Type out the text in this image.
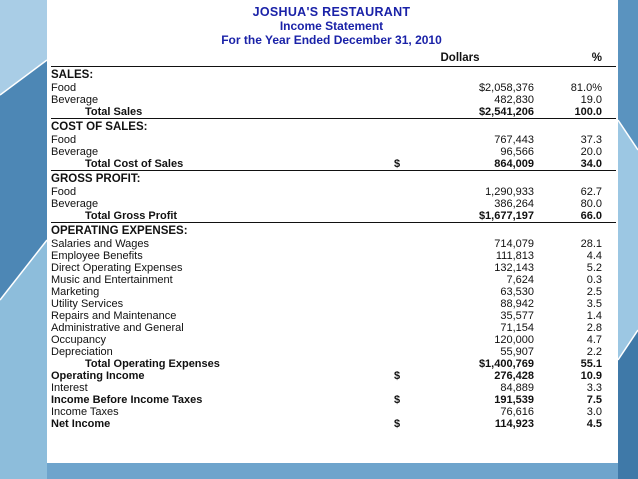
JOSHUA'S RESTAURANT
Income Statement
For the Year Ended December 31, 2010
	Dollars	%
SALES:		
Food	$2,058,376	81.0%
Beverage	482,830	19.0
Total Sales	$2,541,206	100.0
COST OF SALES:		
Food	767,443	37.3
Beverage	96,566	20.0
Total Cost of Sales	$ 864,009	34.0
GROSS PROFIT:		
Food	1,290,933	62.7
Beverage	386,264	80.0
Total Gross Profit	$1,677,197	66.0
OPERATING EXPENSES:		
Salaries and Wages	714,079	28.1
Employee Benefits	111,813	4.4
Direct Operating Expenses	132,143	5.2
Music and Entertainment	7,624	0.3
Marketing	63,530	2.5
Utility Services	88,942	3.5
Repairs and Maintenance	35,577	1.4
Administrative and General	71,154	2.8
Occupancy	120,000	4.7
Depreciation	55,907	2.2
Total Operating Expenses	$1,400,769	55.1
Operating Income	$ 276,428	10.9
Interest	84,889	3.3
Income Before Income Taxes	$ 191,539	7.5
Income Taxes	76,616	3.0
Net Income	$ 114,923	4.5
